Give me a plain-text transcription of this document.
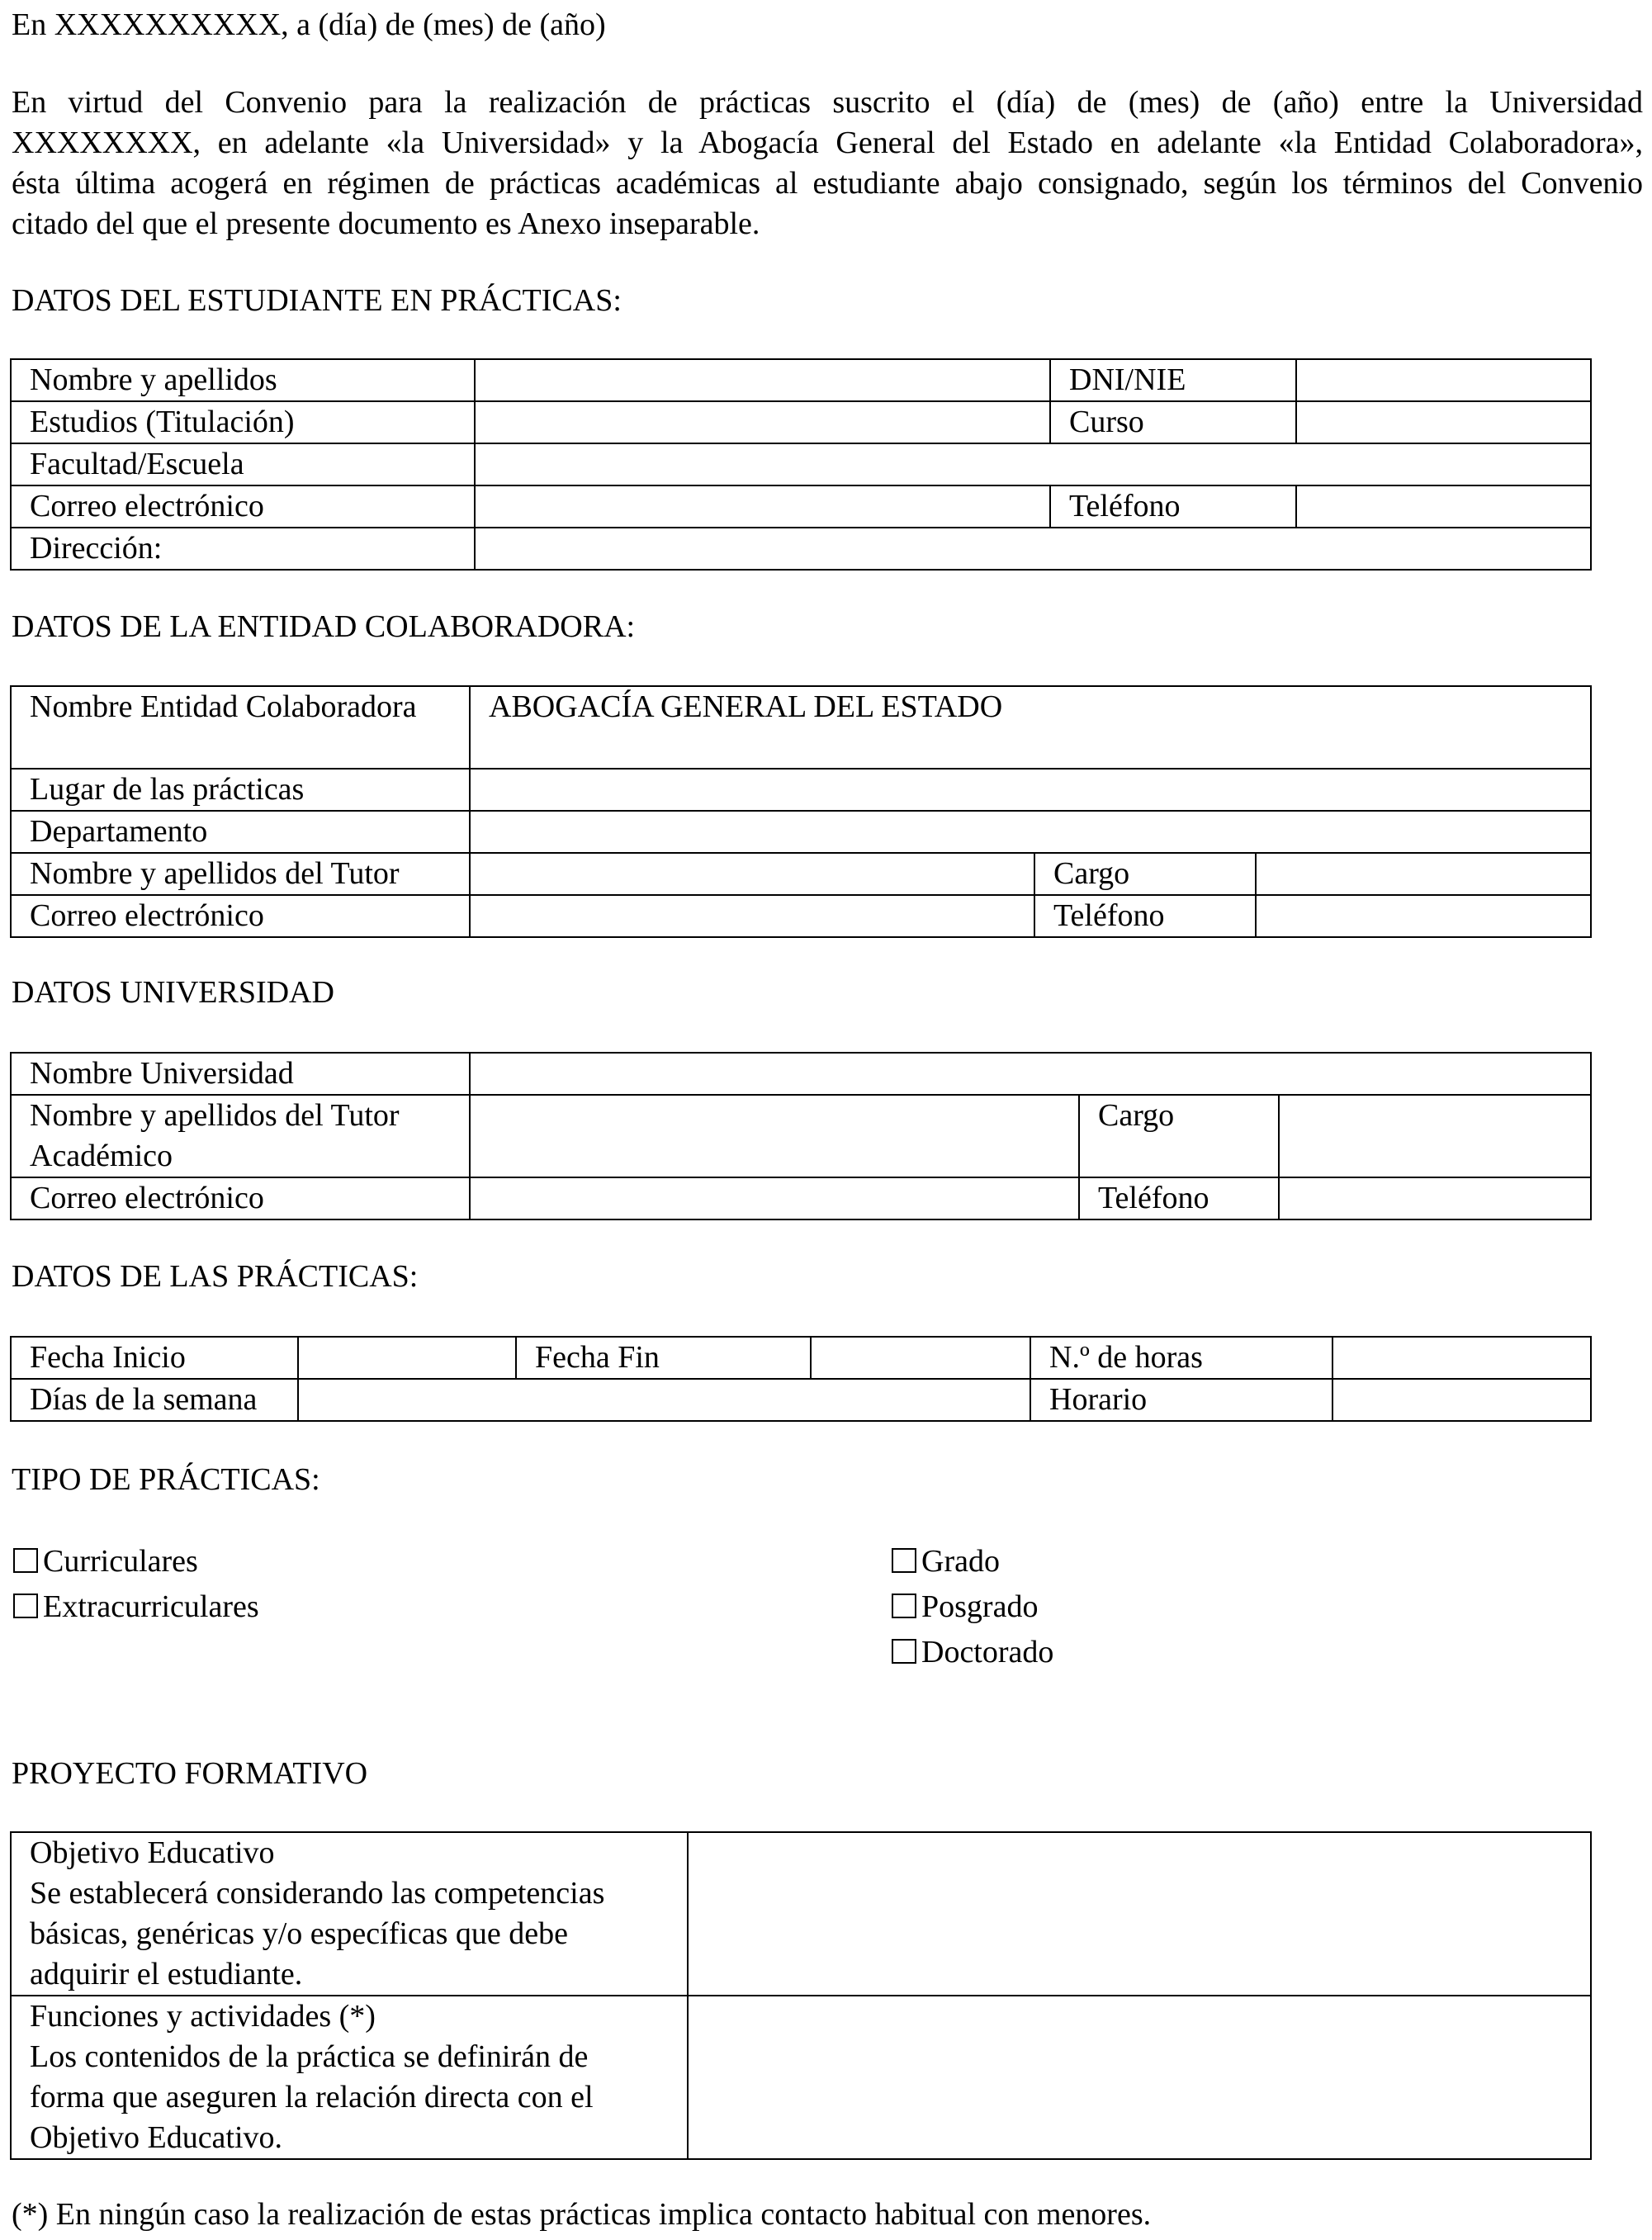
En XXXXXXXXXX, a (día) de (mes) de (año)
En virtud del Convenio para la realización de prácticas suscrito el (día) de (mes) de (año) entre la Universidad
XXXXXXXX, en adelante «la Universidad» y la Abogacía General del Estado en adelante «la Entidad Colaboradora»,
ésta última acogerá en régimen de prácticas académicas al estudiante abajo consignado, según los términos del Convenio
citado del que el presente documento es Anexo inseparable.
DATOS DEL ESTUDIANTE EN PRÁCTICAS:
Nombre y apellidos		DNI/NIE	
Estudios (Titulación)		Curso	
Facultad/Escuela			
Correo electrónico		Teléfono	
Dirección:			
DATOS DE LA ENTIDAD COLABORADORA:
Nombre Entidad Colaboradora	ABOGACÍA GENERAL DEL ESTADO		
Lugar de las prácticas			
Departamento			
Nombre y apellidos del Tutor		Cargo	
Correo electrónico		Teléfono	
DATOS UNIVERSIDAD
Nombre Universidad			
Nombre y apellidos del Tutor Académico		Cargo	
Correo electrónico		Teléfono	
DATOS DE LAS PRÁCTICAS:
Fecha Inicio		Fecha Fin		N.º de horas	
Días de la semana				Horario	
TIPO DE PRÁCTICAS:
Curriculares
Extracurriculares
Grado
Posgrado
Doctorado
PROYECTO FORMATIVO
Objetivo Educativo
Se establecerá considerando las competencias básicas, genéricas y/o específicas que debe adquirir el estudiante.	
Funciones y actividades (*)
Los contenidos de la práctica se definirán de forma que aseguren la relación directa con el Objetivo Educativo.	
(*) En ningún caso la realización de estas prácticas implica contacto habitual con menores.
